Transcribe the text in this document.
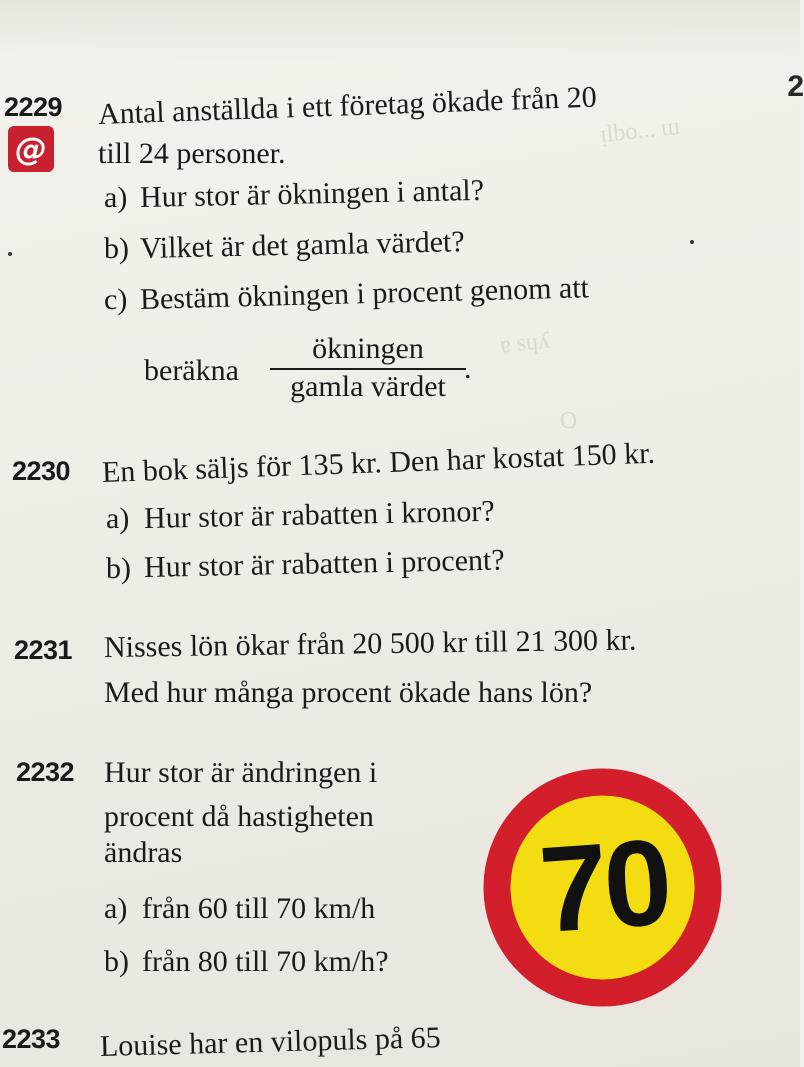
ᴉlbo... ɯ
ɐ sɥʎ
O
2
2229
@
Antal anställda i ett företag ökade från 20
till 24 personer.
a) Hur stor är ökningen i antal?
b) Vilket är det gamla värdet?
c) Bestäm ökningen i procent genom att
beräkna
ökningen
gamla värdet
.
2230 En bok säljs för 135 kr. Den har kostat 150 kr.
a) Hur stor är rabatten i kronor?
b) Hur stor är rabatten i procent?
2231 Nisses lön ökar från 20 500 kr till 21 300 kr.
Med hur många procent ökade hans lön?
2232 Hur stor är ändringen i
procent då hastigheten
ändras
a) från 60 till 70 km/h
b) från 80 till 70 km/h?
70
2233 Louise har en vilopuls på 65
